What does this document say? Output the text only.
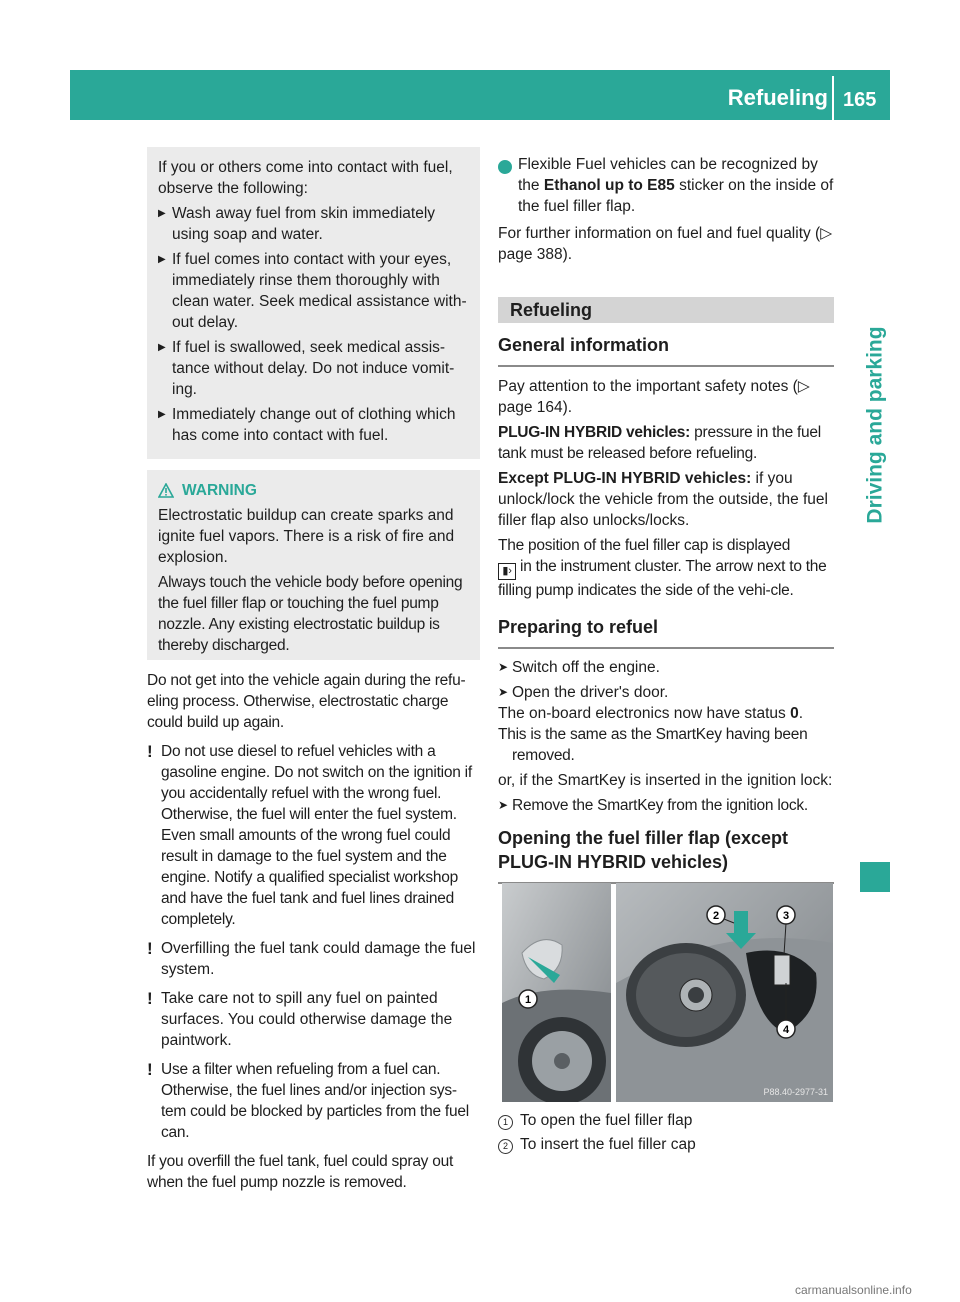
Refueling 165
Driving and parking

If you or others come into contact with fuel, observe the following:

▶ Wash away fuel from skin immediately using soap and water.
▶ If fuel comes into contact with your eyes, immediately rinse them thoroughly with clean water. Seek medical assistance with-out delay.
▶ If fuel is swallowed, seek medical assis-tance without delay. Do not induce vomit-ing.
▶ Immediately change out of clothing which has come into contact with fuel.
WARNING

Electrostatic buildup can create sparks and ignite fuel vapors. There is a risk of fire and explosion.

Always touch the vehicle body before opening the fuel filler flap or touching the fuel pump nozzle. Any existing electrostatic buildup is thereby discharged.

Do not get into the vehicle again during the refu-eling process. Otherwise, electrostatic charge could build up again.

! Do not use diesel to refuel vehicles with a gasoline engine. Do not switch on the ignition if you accidentally refuel with the wrong fuel. Otherwise, the fuel will enter the fuel system. Even small amounts of the wrong fuel could result in damage to the fuel system and the engine. Notify a qualified specialist workshop and have the fuel tank and fuel lines drained completely.
! Overfilling the fuel tank could damage the fuel system.
! Take care not to spill any fuel on painted surfaces. You could otherwise damage the paintwork.
! Use a filter when refueling from a fuel can. Otherwise, the fuel lines and/or injection sys-tem could be blocked by particles from the fuel can.

If you overfill the fuel tank, fuel could spray out when the fuel pump nozzle is removed.

i Flexible Fuel vehicles can be recognized by the Ethanol up to E85 sticker on the inside of the fuel filler flap.

For further information on fuel and fuel quality (▷ page 388).

Refueling
General information

Pay attention to the important safety notes (▷ page 164).

PLUG-IN HYBRID vehicles: pressure in the fuel tank must be released before refueling.

Except PLUG-IN HYBRID vehicles: if you unlock/lock the vehicle from the outside, the fuel filler flap also unlocks/locks.

The position of the fuel filler cap is displayed
▮› in the instrument cluster. The arrow next to the filling pump indicates the side of the vehi-cle.

Preparing to refuel
➤ Switch off the engine.
➤ Open the driver's door.

The on-board electronics now have status 0.

This is the same as the SmartKey having been removed.

or, if the SmartKey is inserted in the ignition lock:

➤ Remove the SmartKey from the ignition lock.
Opening the fuel filler flap (except
PLUG-IN HYBRID vehicles)
1
2	3
4
P88.40-2977-31
1 To open the fuel filler flap
2 To insert the fuel filler cap
carmanualsonline.info
